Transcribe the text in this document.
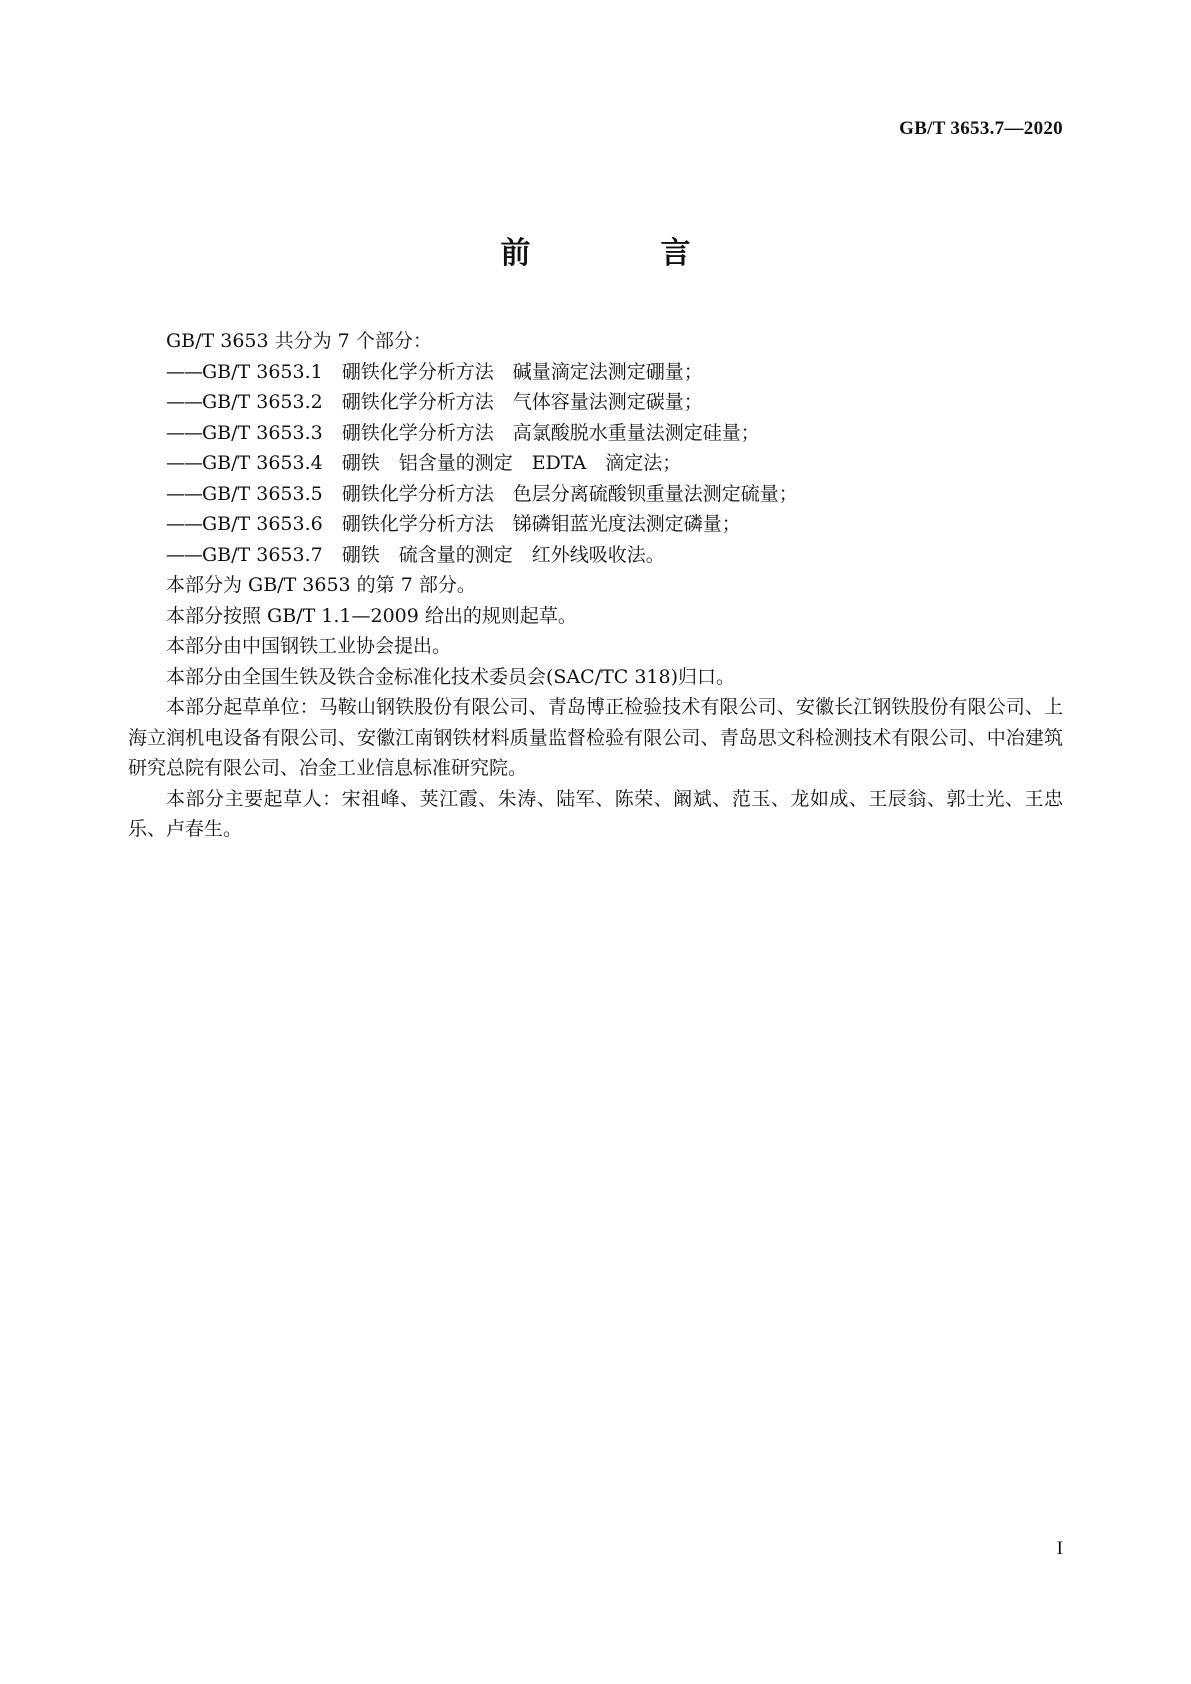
GB/T 3653.7—2020
前　言
GB/T 3653 共分为 7 个部分：
——GB/T 3653.1 硼铁化学分析方法 碱量滴定法测定硼量；
——GB/T 3653.2 硼铁化学分析方法 气体容量法测定碳量；
——GB/T 3653.3 硼铁化学分析方法 高氯酸脱水重量法测定硅量；
——GB/T 3653.4 硼铁　铝含量的测定 EDTA　滴定法；
——GB/T 3653.5 硼铁化学分析方法 色层分离硫酸钡重量法测定硫量；
——GB/T 3653.6 硼铁化学分析方法 锑磷钼蓝光度法测定磷量；
——GB/T 3653.7 硼铁　硫含量的测定 红外线吸收法。
本部分为 GB/T 3653 的第 7 部分。
本部分按照 GB/T 1.1—2009 给出的规则起草。
本部分由中国钢铁工业协会提出。
本部分由全国生铁及铁合金标准化技术委员会(SAC/TC 318)归口。
本部分起草单位：马鞍山钢铁股份有限公司、青岛博正检验技术有限公司、安徽长江钢铁股份有限公司、上海立润机电设备有限公司、安徽江南钢铁材料质量监督检验有限公司、青岛思文科检测技术有限公司、中冶建筑研究总院有限公司、冶金工业信息标准研究院。
本部分主要起草人：宋祖峰、荚江霞、朱涛、陆军、陈荣、阚斌、范玉、龙如成、王辰翁、郭士光、王忠乐、卢春生。
I
